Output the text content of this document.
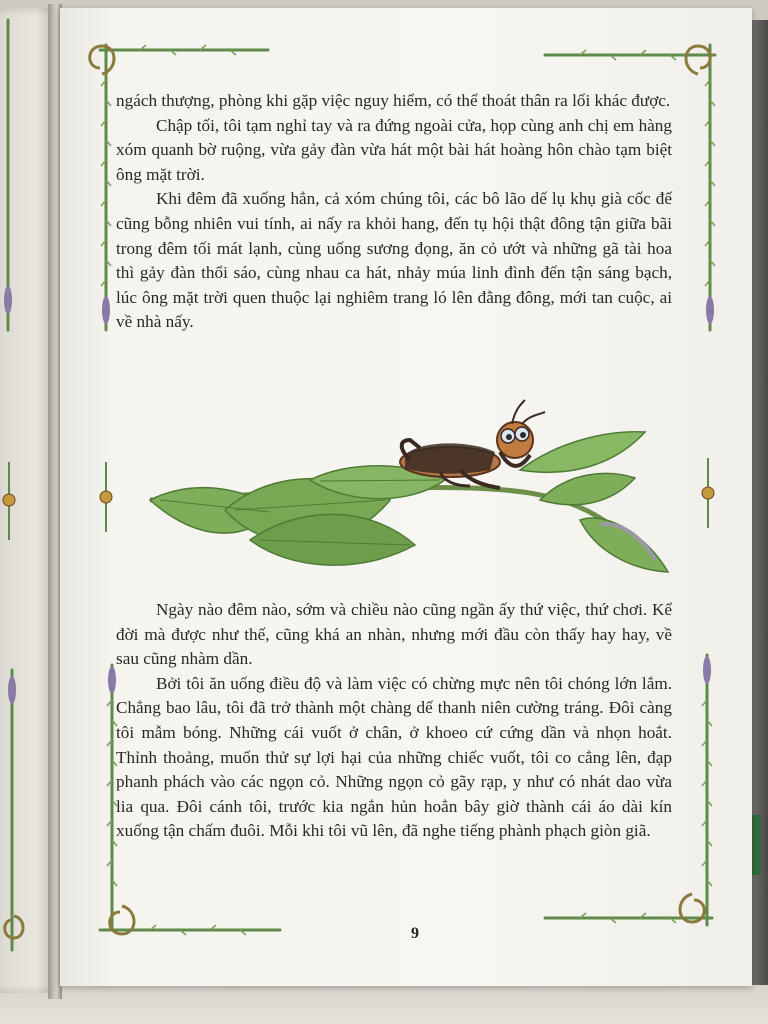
ngách thượng, phòng khi gặp việc nguy hiểm, có thể thoát thân ra lối khác được.

Chập tối, tôi tạm nghỉ tay và ra đứng ngoài cửa, họp cùng anh chị em hàng xóm quanh bờ ruộng, vừa gảy đàn vừa hát một bài hát hoàng hôn chào tạm biệt ông mặt trời.

Khi đêm đã xuống hẳn, cả xóm chúng tôi, các bô lão dế lụ khụ già cốc đế cũng bỗng nhiên vui tính, ai nấy ra khỏi hang, đến tụ hội thật đông tận giữa bãi trong đêm tối mát lạnh, cùng uống sương đọng, ăn cỏ ướt và những gã tài hoa thì gảy đàn thổi sáo, cùng nhau ca hát, nhảy múa linh đình đến tận sáng bạch, lúc ông mặt trời quen thuộc lại nghiêm trang ló lên đằng đông, mới tan cuộc, ai về nhà nấy.

Ngày nào đêm nào, sớm và chiều nào cũng ngần ấy thứ việc, thứ chơi. Kể đời mà được như thế, cũng khá an nhàn, nhưng mới đầu còn thấy hay hay, về sau cũng nhàm dần.

Bởi tôi ăn uống điều độ và làm việc có chừng mực nên tôi chóng lớn lắm. Chẳng bao lâu, tôi đã trở thành một chàng dế thanh niên cường tráng. Đôi càng tôi mẫm bóng. Những cái vuốt ở chân, ở khoeo cứ cứng dần và nhọn hoắt. Thỉnh thoảng, muốn thử sự lợi hại của những chiếc vuốt, tôi co cẳng lên, đạp phanh phách vào các ngọn cỏ. Những ngọn cỏ gãy rạp, y như có nhát dao vừa lia qua. Đôi cánh tôi, trước kia ngắn hủn hoẳn bây giờ thành cái áo dài kín xuống tận chấm đuôi. Mỗi khi tôi vũ lên, đã nghe tiếng phành phạch giòn giã.

9
